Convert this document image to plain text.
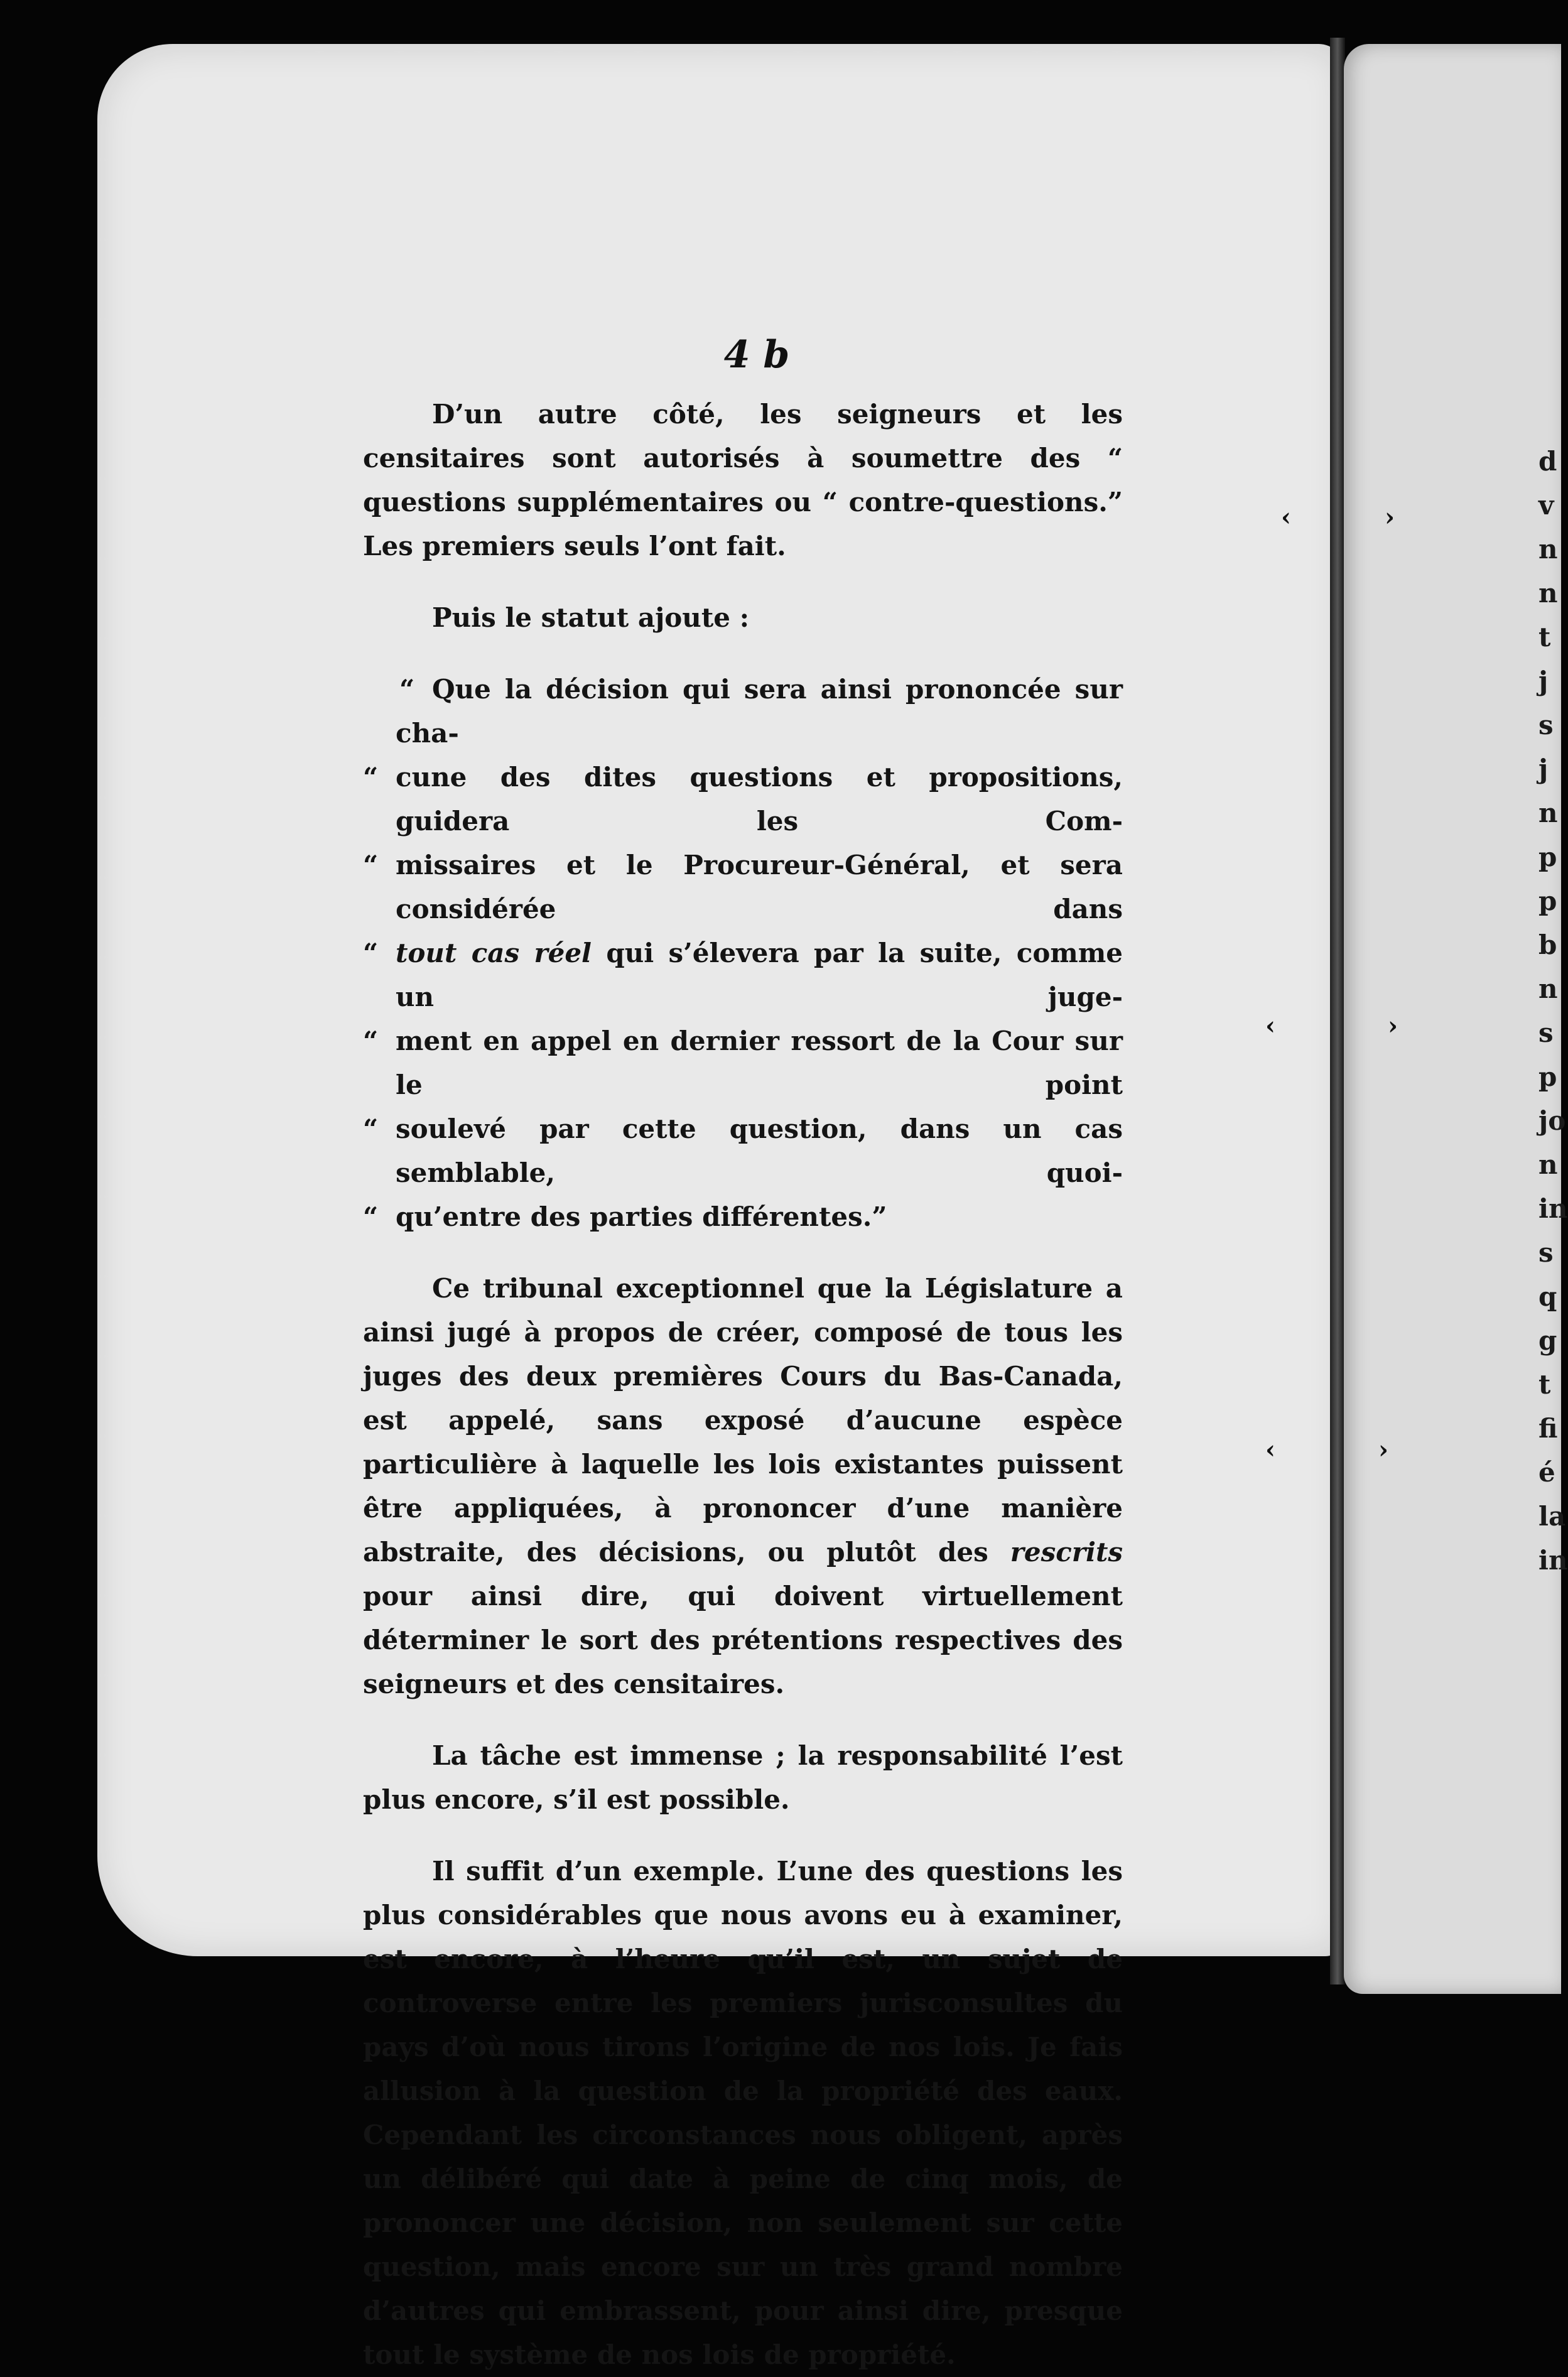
‹	›
‹	›
‹	›
4 b

D’un autre côté, les seigneurs et les censitaires sont autorisés à soumettre des “ questions supplémentaires ou “ contre-questions.” Les premiers seuls l’ont fait.

Puis le statut ajoute :

“ Que la décision qui sera ainsi prononcée sur cha-
“ cune des dites questions et propositions, guidera les Com-
“ missaires et le Procureur-Général, et sera considérée dans
“ tout cas réel qui s’élevera par la suite, comme un juge-
“ ment en appel en dernier ressort de la Cour sur le point
“ soulevé par cette question, dans un cas semblable, quoi-
“ qu’entre des parties différentes.”

Ce tribunal exceptionnel que la Législature a ainsi jugé à propos de créer, composé de tous les juges des deux premières Cours du Bas-Canada, est appelé, sans exposé d’aucune espèce particulière à laquelle les lois existantes puissent être appliquées, à prononcer d’une manière abstraite, des décisions, ou plutôt des rescrits pour ainsi dire, qui doivent virtuellement déterminer le sort des prétentions respectives des seigneurs et des censitaires.

La tâche est immense ; la responsabilité l’est plus encore, s’il est possible.

Il suffit d’un exemple. L’une des questions les plus considérables que nous avons eu à examiner, est encore, à l’heure qu’il est, un sujet de controverse entre les premiers jurisconsultes du pays d’où nous tirons l’origine de nos lois. Je fais allusion à la question de la propriété des eaux. Cependant les circonstances nous obligent, après un délibéré qui date à peine de cinq mois, de prononcer une décision, non seulement sur cette question, mais encore sur un très grand nombre d’autres qui embrassent, pour ainsi dire, presque tout le système de nos lois de propriété.

d
v
n
n
t
j
s
j
n
p
p
b
n
s
p
jo
n
in
s
q
g
t
fi
é
la
in
